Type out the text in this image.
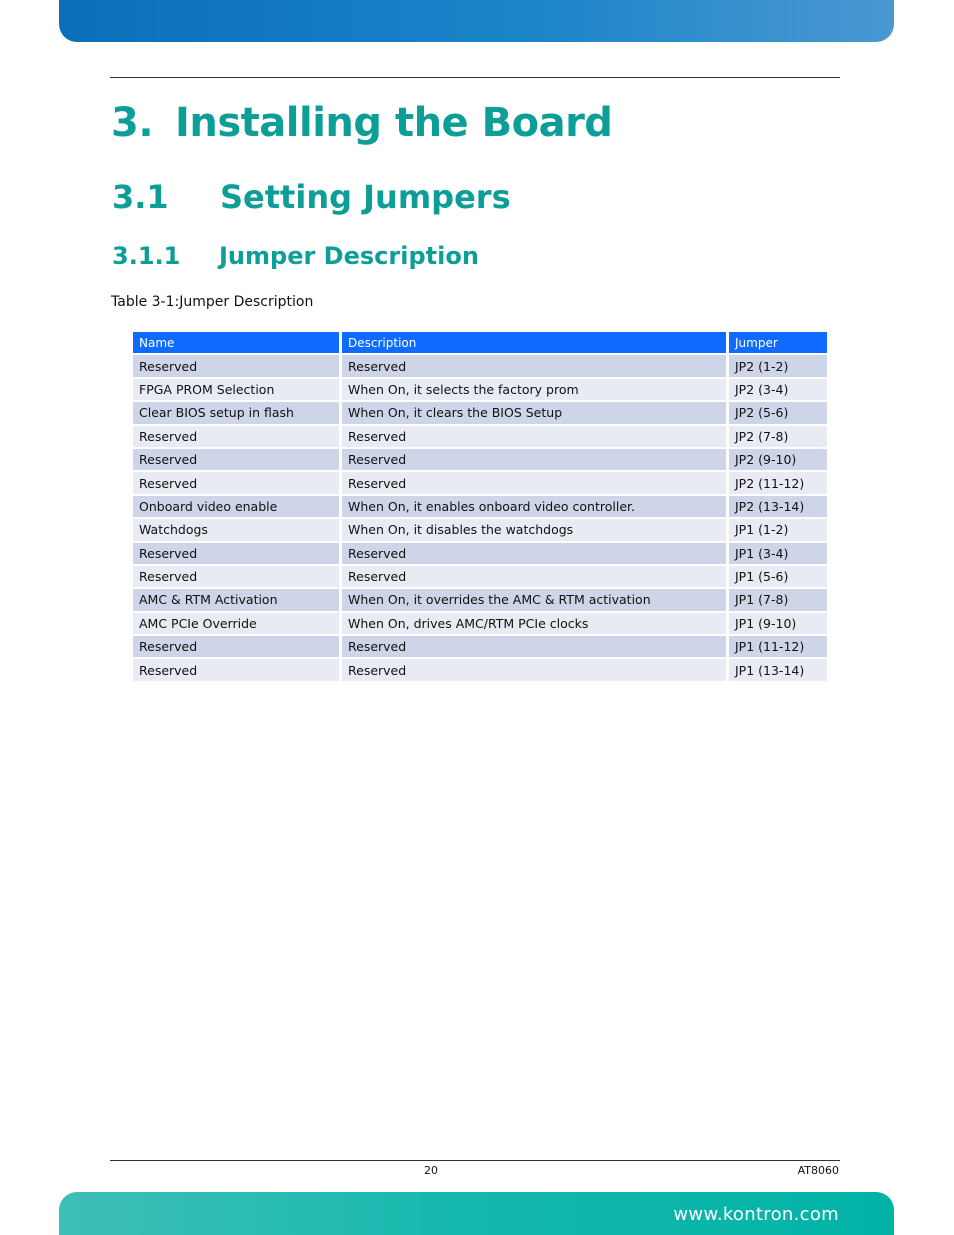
3. Installing the Board
3.1 Setting Jumpers
3.1.1 Jumper Description

Table 3-1:Jumper Description

Name	Description	Jumper
Reserved	Reserved	JP2 (1-2)
FPGA PROM Selection	When On, it selects the factory prom	JP2 (3-4)
Clear BIOS setup in flash	When On, it clears the BIOS Setup	JP2 (5-6)
Reserved	Reserved	JP2 (7-8)
Reserved	Reserved	JP2 (9-10)
Reserved	Reserved	JP2 (11-12)
Onboard video enable	When On, it enables onboard video controller.	JP2 (13-14)
Watchdogs	When On, it disables the watchdogs	JP1 (1-2)
Reserved	Reserved	JP1 (3-4)
Reserved	Reserved	JP1 (5-6)
AMC & RTM Activation	When On, it overrides the AMC & RTM activation	JP1 (7-8)
AMC PCIe Override	When On, drives AMC/RTM PCIe clocks	JP1 (9-10)
Reserved	Reserved	JP1 (11-12)
Reserved	Reserved	JP1 (13-14)
20	AT8060
www.kontron.com
